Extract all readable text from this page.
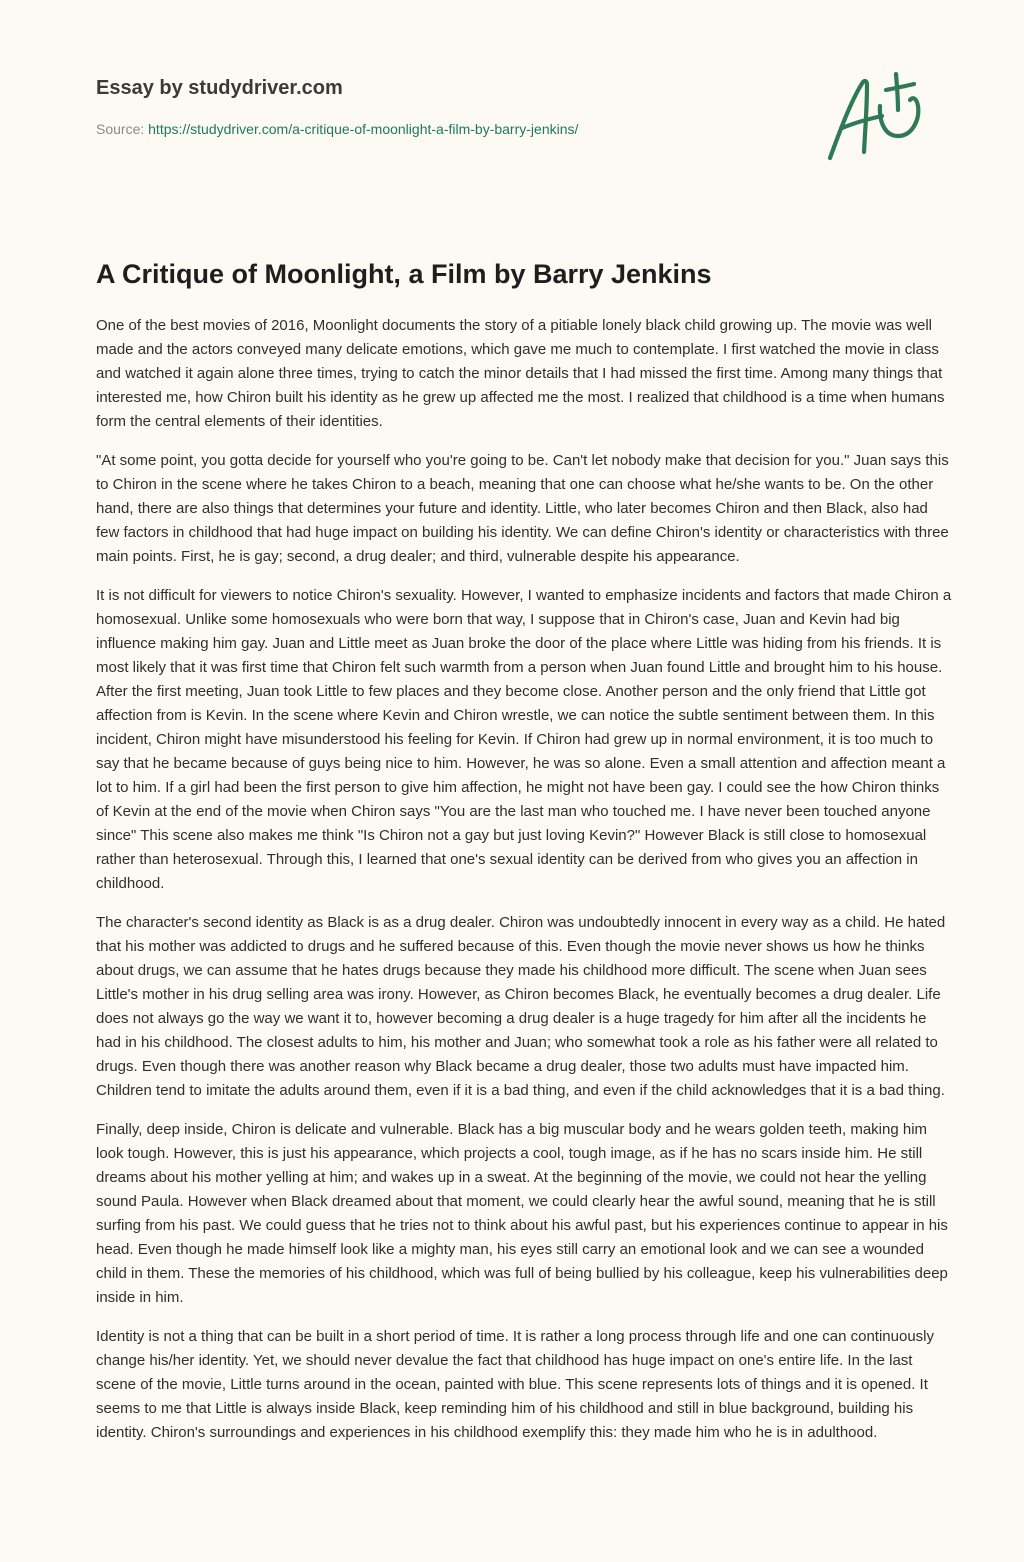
Essay by studydriver.com
Source: https://studydriver.com/a-critique-of-moonlight-a-film-by-barry-jenkins/
A Critique of Moonlight, a Film by Barry Jenkins

One of the best movies of 2016, Moonlight documents the story of a pitiable lonely black child growing up. The movie was well made and the actors conveyed many delicate emotions, which gave me much to contemplate. I first watched the movie in class and watched it again alone three times, trying to catch the minor details that I had missed the first time. Among many things that interested me, how Chiron built his identity as he grew up affected me the most. I realized that childhood is a time when humans form the central elements of their identities.

"At some point, you gotta decide for yourself who you're going to be. Can't let nobody make that decision for you." Juan says this to Chiron in the scene where he takes Chiron to a beach, meaning that one can choose what he/she wants to be. On the other hand, there are also things that determines your future and identity. Little, who later becomes Chiron and then Black, also had few factors in childhood that had huge impact on building his identity. We can define Chiron's identity or characteristics with three main points. First, he is gay; second, a drug dealer; and third, vulnerable despite his appearance.

It is not difficult for viewers to notice Chiron's sexuality. However, I wanted to emphasize incidents and factors that made Chiron a homosexual. Unlike some homosexuals who were born that way, I suppose that in Chiron's case, Juan and Kevin had big influence making him gay. Juan and Little meet as Juan broke the door of the place where Little was hiding from his friends. It is most likely that it was first time that Chiron felt such warmth from a person when Juan found Little and brought him to his house. After the first meeting, Juan took Little to few places and they become close. Another person and the only friend that Little got affection from is Kevin. In the scene where Kevin and Chiron wrestle, we can notice the subtle sentiment between them. In this incident, Chiron might have misunderstood his feeling for Kevin. If Chiron had grew up in normal environment, it is too much to say that he became because of guys being nice to him. However, he was so alone. Even a small attention and affection meant a lot to him. If a girl had been the first person to give him affection, he might not have been gay. I could see the how Chiron thinks of Kevin at the end of the movie when Chiron says "You are the last man who touched me. I have never been touched anyone since" This scene also makes me think "Is Chiron not a gay but just loving Kevin?" However Black is still close to homosexual rather than heterosexual. Through this, I learned that one's sexual identity can be derived from who gives you an affection in childhood.

The character's second identity as Black is as a drug dealer. Chiron was undoubtedly innocent in every way as a child. He hated that his mother was addicted to drugs and he suffered because of this. Even though the movie never shows us how he thinks about drugs, we can assume that he hates drugs because they made his childhood more difficult. The scene when Juan sees Little's mother in his drug selling area was irony. However, as Chiron becomes Black, he eventually becomes a drug dealer. Life does not always go the way we want it to, however becoming a drug dealer is a huge tragedy for him after all the incidents he had in his childhood. The closest adults to him, his mother and Juan; who somewhat took a role as his father were all related to drugs. Even though there was another reason why Black became a drug dealer, those two adults must have impacted him. Children tend to imitate the adults around them, even if it is a bad thing, and even if the child acknowledges that it is a bad thing.

Finally, deep inside, Chiron is delicate and vulnerable. Black has a big muscular body and he wears golden teeth, making him look tough. However, this is just his appearance, which projects a cool, tough image, as if he has no scars inside him. He still dreams about his mother yelling at him; and wakes up in a sweat. At the beginning of the movie, we could not hear the yelling sound Paula. However when Black dreamed about that moment, we could clearly hear the awful sound, meaning that he is still surfing from his past. We could guess that he tries not to think about his awful past, but his experiences continue to appear in his head. Even though he made himself look like a mighty man, his eyes still carry an emotional look and we can see a wounded child in them. These the memories of his childhood, which was full of being bullied by his colleague, keep his vulnerabilities deep inside in him.

Identity is not a thing that can be built in a short period of time. It is rather a long process through life and one can continuously change his/her identity. Yet, we should never devalue the fact that childhood has huge impact on one's entire life. In the last scene of the movie, Little turns around in the ocean, painted with blue. This scene represents lots of things and it is opened. It seems to me that Little is always inside Black, keep reminding him of his childhood and still in blue background, building his identity. Chiron's surroundings and experiences in his childhood exemplify this: they made him who he is in adulthood.
